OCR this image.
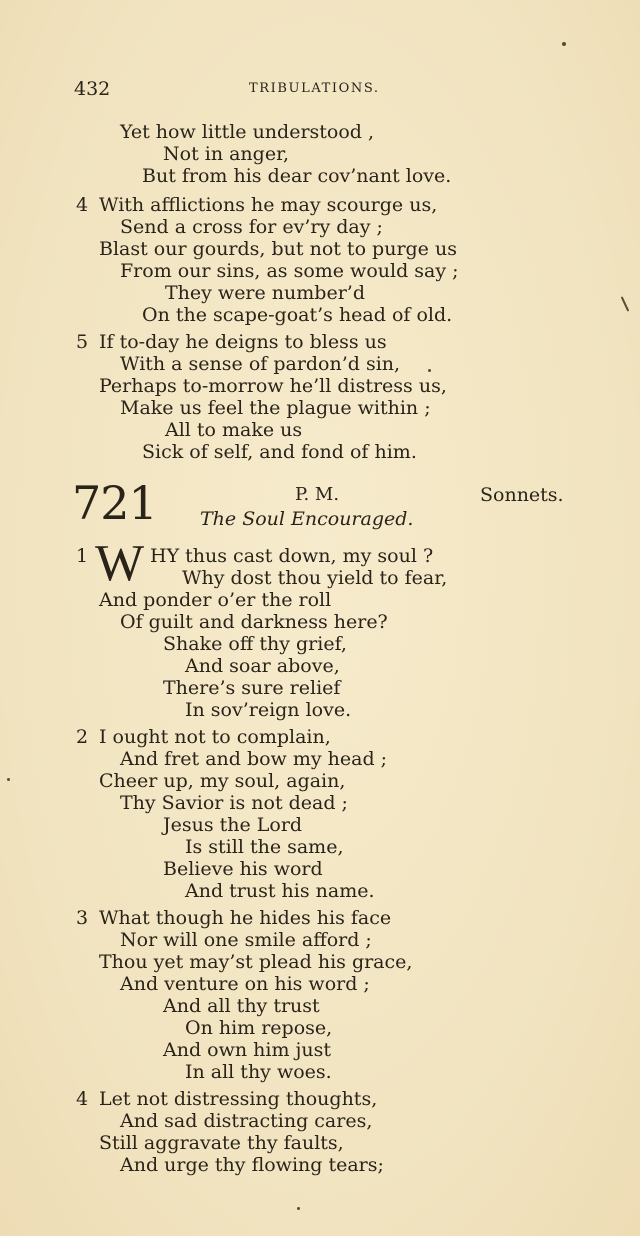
432	TRIBULATIONS.
Yet how little understood ,
Not in anger,
But from his dear cov’nant love.
4 With afflictions he may scourge us,
Send a cross for ev’ry day ;
Blast our gourds, but not to purge us
From our sins, as some would say ;
They were number’d
On the scape-goat’s head of old.
5 If to-day he deigns to bless us
With a sense of pardon’d sin,
Perhaps to-morrow he’ll distress us,
Make us feel the plague within ;
All to make us
Sick of self, and fond of him.
721	P. M.	Sonnets.
The Soul Encouraged.
1 W HY thus cast down, my soul ?
Why dost thou yield to fear,
And ponder o’er the roll
Of guilt and darkness here?
Shake off thy grief,
And soar above,
There’s sure relief
In sov’reign love.
2 I ought not to complain,
And fret and bow my head ;
Cheer up, my soul, again,
Thy Savior is not dead ;
Jesus the Lord
Is still the same,
Believe his word
And trust his name.
3 What though he hides his face
Nor will one smile afford ;
Thou yet may’st plead his grace,
And venture on his word ;
And all thy trust
On him repose,
And own him just
In all thy woes.
4 Let not distressing thoughts,
And sad distracting cares,
Still aggravate thy faults,
And urge thy flowing tears;
